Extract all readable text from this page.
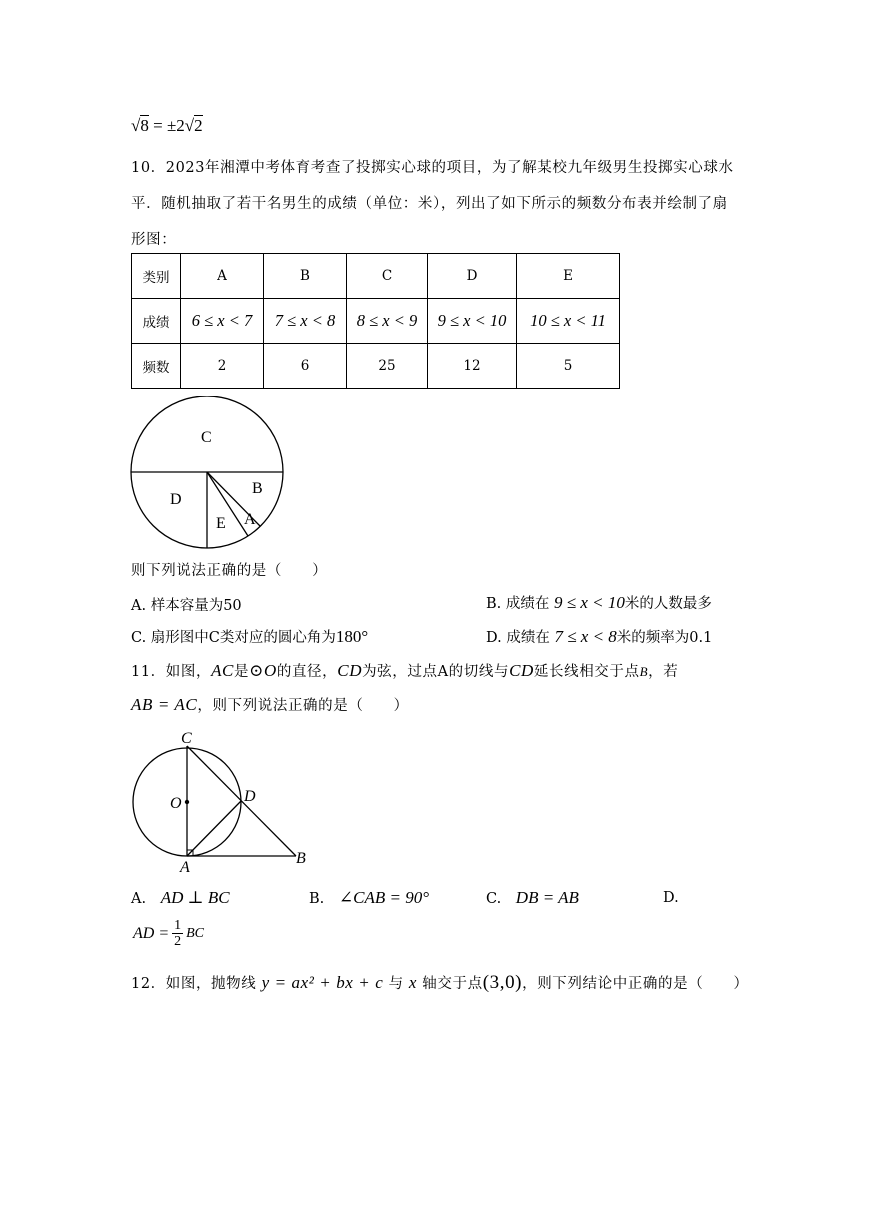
√8 = ±2√2
10．2023年湘潭中考体育考查了投掷实心球的项目，为了解某校九年级男生投掷实心球水
平．随机抽取了若干名男生的成绩（单位：米），列出了如下所示的频数分布表并绘制了扇
形图：
类别	A	B	C	D	E
成绩	6 ≤ x < 7	7 ≤ x < 8	8 ≤ x < 9	9 ≤ x < 10	10 ≤ x < 11
频数	2	6	25	12	5
C
D
B
E A
则下列说法正确的是（　　）
A. 样本容量为50	B. 成绩在 9 ≤ x < 10米的人数最多
C. 扇形图中C类对应的圆心角为180°	D. 成绩在 7 ≤ x < 8米的频率为0.1
11．如图，AC是⊙O的直径，CD为弦，过点A的切线与CD延长线相交于点B，若
AB = AC，则下列说法正确的是（　　）
C
O	D
A
B
A. AD ⊥ BC	B. ∠CAB = 90°	C. DB = AB	D.
AD = $\frac{1}{2}$ BC
12．如图，抛物线 y = ax² + bx + c 与 x 轴交于点(3,0)，则下列结论中正确的是（　　）
